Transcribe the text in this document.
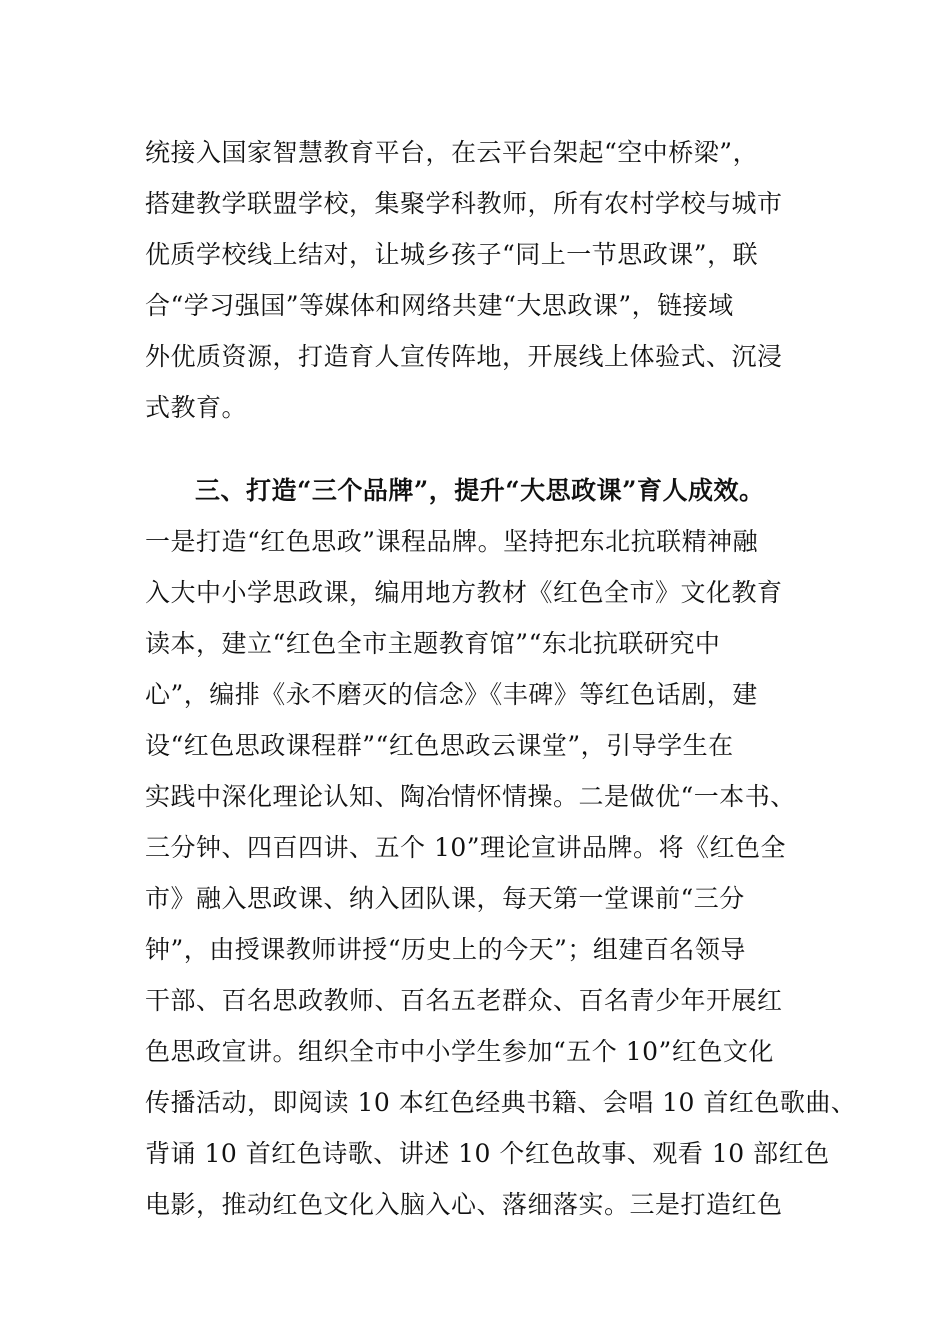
统接入国家智慧教育平台，在云平台架起“空中桥梁”，
搭建教学联盟学校，集聚学科教师，所有农村学校与城市
优质学校线上结对，让城乡孩子“同上一节思政课”，联
合“学习强国”等媒体和网络共建“大思政课”，链接域
外优质资源，打造育人宣传阵地，开展线上体验式、沉浸
式教育。
三、打造“三个品牌”，提升“大思政课”育人成效。
一是打造“红色思政”课程品牌。坚持把东北抗联精神融
入大中小学思政课，编用地方教材《红色全市》文化教育
读本，建立“红色全市主题教育馆”“东北抗联研究中
心”，编排《永不磨灭的信念》《丰碑》等红色话剧，建
设“红色思政课程群”“红色思政云课堂”，引导学生在
实践中深化理论认知、陶冶情怀情操。二是做优“一本书、
三分钟、四百四讲、五个 10”理论宣讲品牌。将《红色全
市》融入思政课、纳入团队课，每天第一堂课前“三分
钟”，由授课教师讲授“历史上的今天”；组建百名领导
干部、百名思政教师、百名五老群众、百名青少年开展红
色思政宣讲。组织全市中小学生参加“五个 10”红色文化
传播活动，即阅读 10 本红色经典书籍、会唱 10 首红色歌曲、
背诵 10 首红色诗歌、讲述 10 个红色故事、观看 10 部红色
电影，推动红色文化入脑入心、落细落实。三是打造红色
